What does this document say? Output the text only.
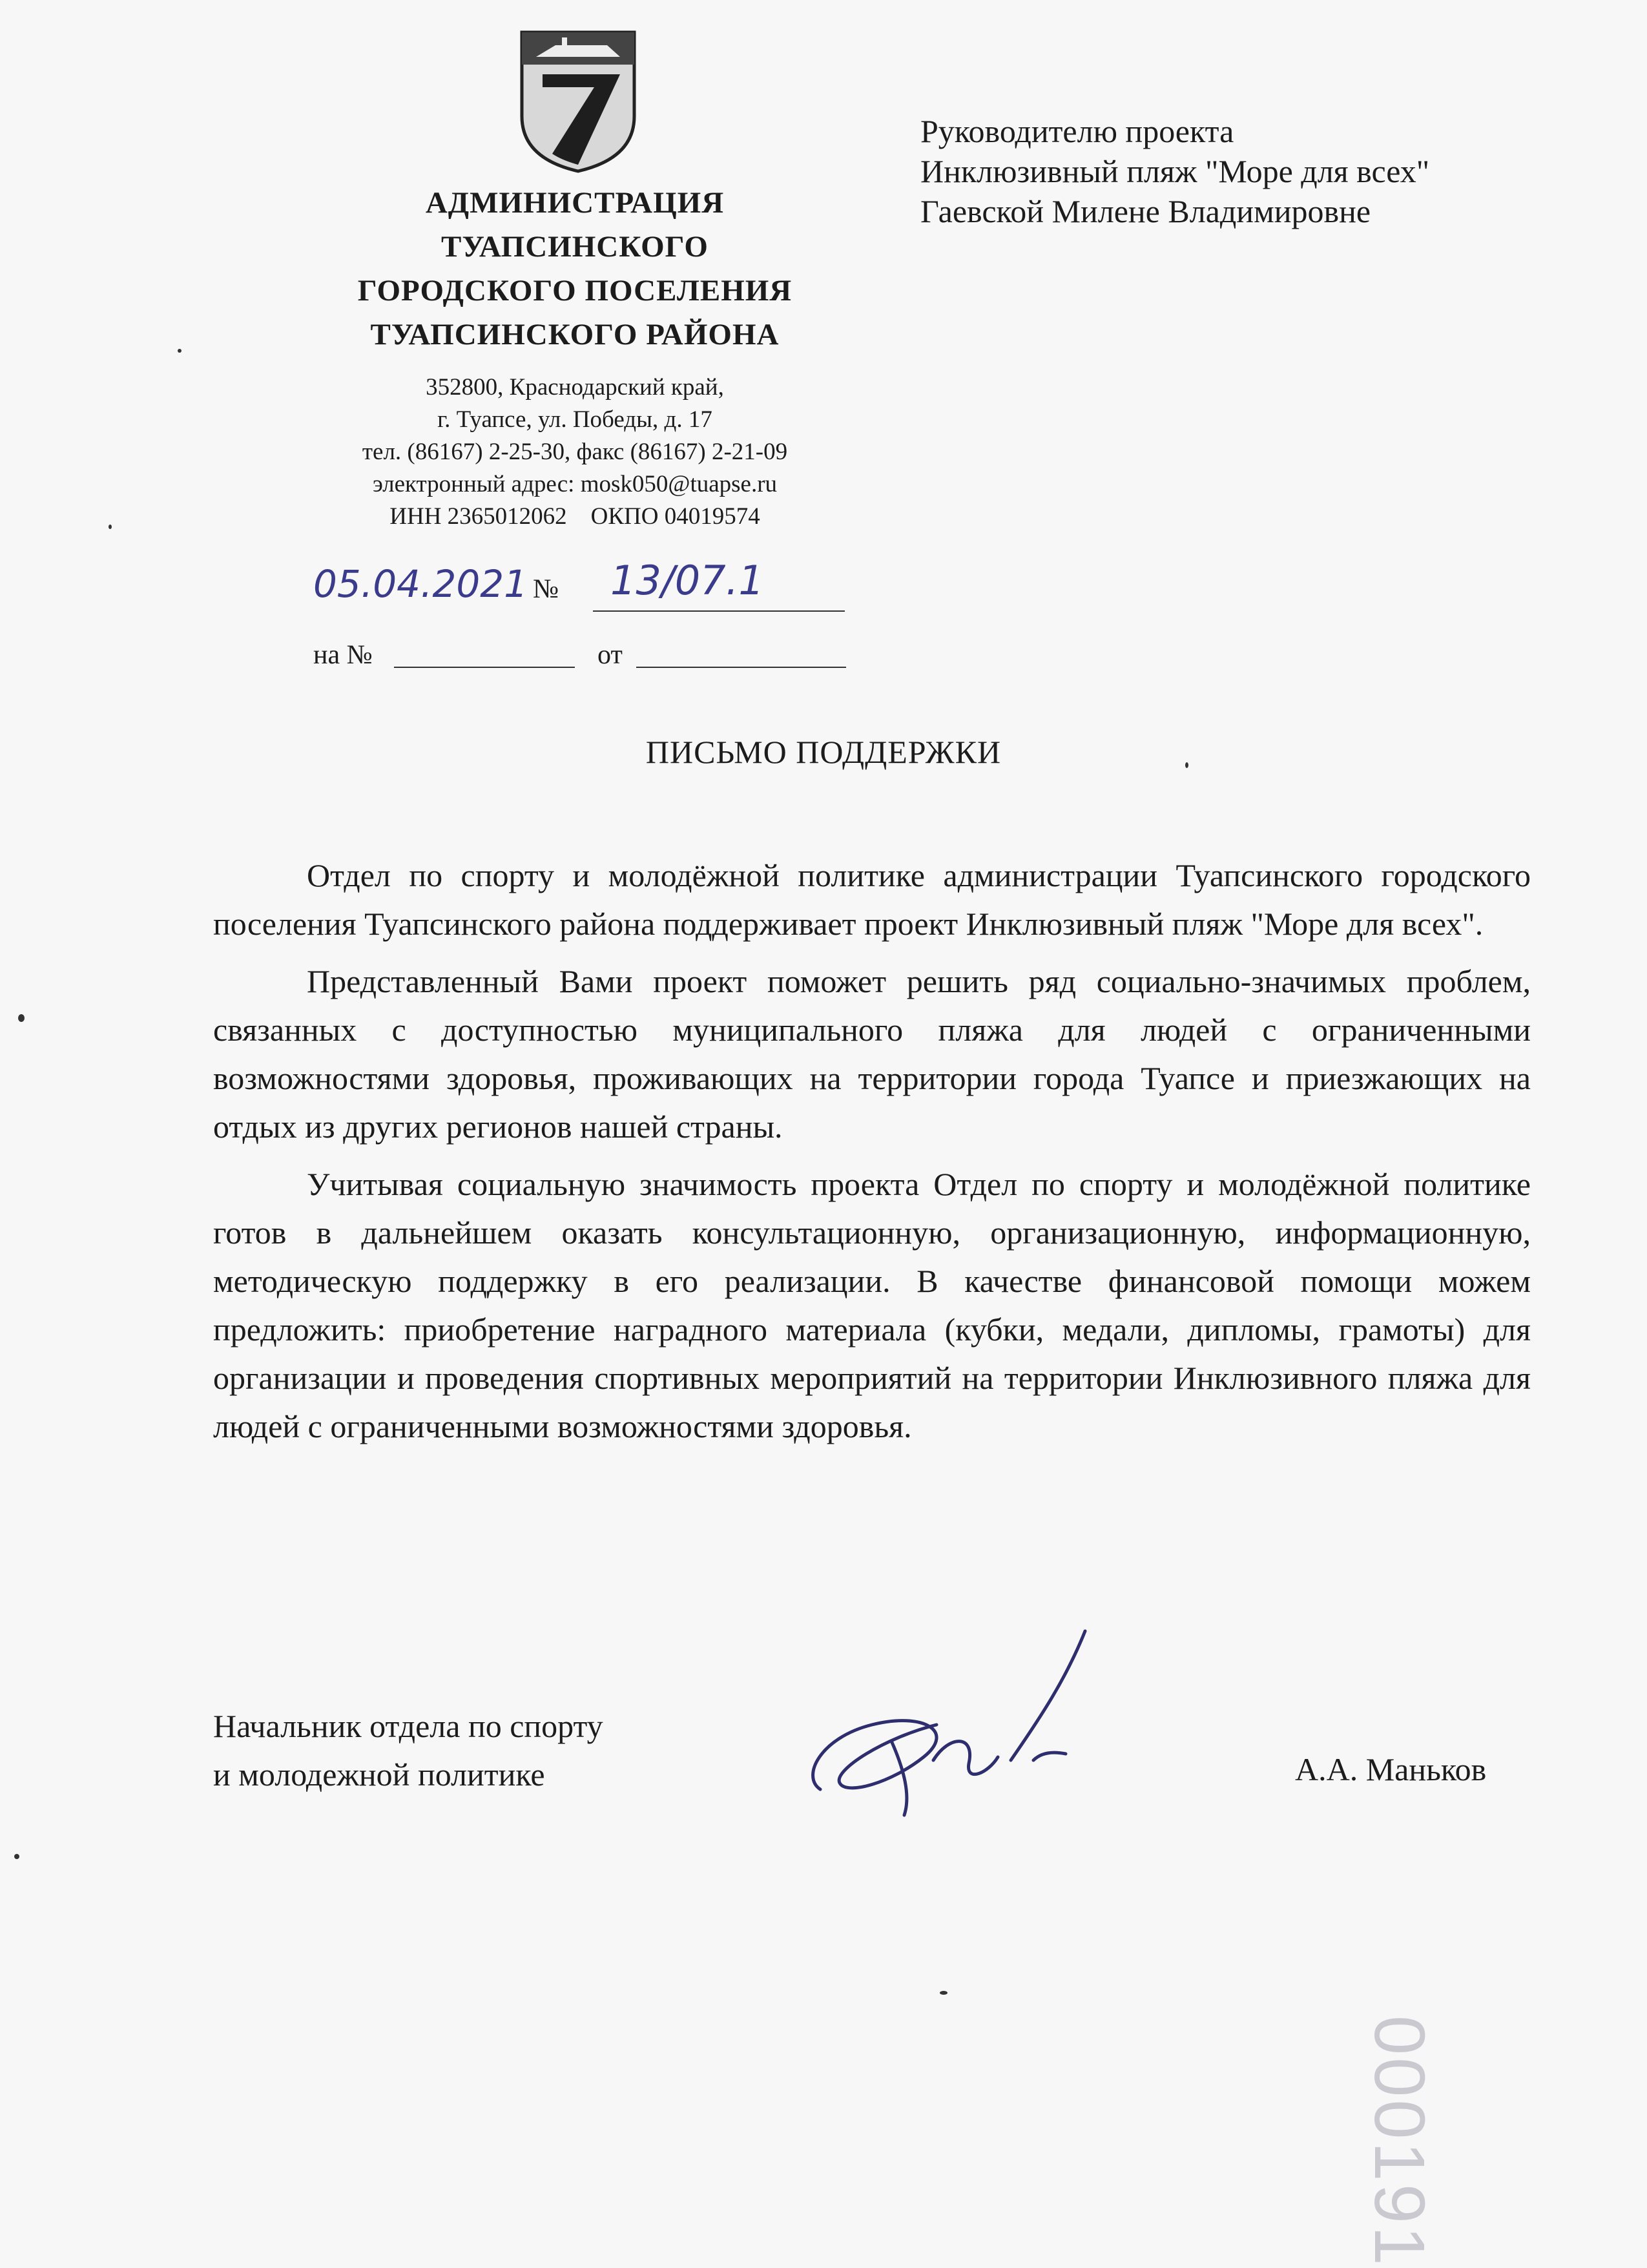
АДМИНИСТРАЦИЯ
ТУАПСИНСКОГО
ГОРОДСКОГО ПОСЕЛЕНИЯ
ТУАПСИНСКОГО РАЙОНА
352800, Краснодарский край,
г. Туапсе, ул. Победы, д. 17
тел. (86167) 2-25-30, факс (86167) 2-21-09
электронный адрес: mosk050@tuapse.ru
ИНН 2365012062    ОКПО 04019574
05.04.2021 № 13/07.1
на №	от
Руководителю проекта
Инклюзивный пляж "Море для всех"
Гаевской Милене Владимировне
ПИСЬМО ПОДДЕРЖКИ

Отдел по спорту и молодёжной политике администрации Туапсинского городского поселения Туапсинского района поддерживает проект Инклюзивный пляж "Море для всех".

Представленный Вами проект поможет решить ряд социально-значимых проблем, связанных с доступностью муниципального пляжа для людей с ограниченными возможностями здоровья, проживающих на территории города Туапсе и приезжающих на отдых из других регионов нашей страны.

Учитывая социальную значимость проекта Отдел по спорту и молодёжной политике готов в дальнейшем оказать консультационную, организационную, информационную, методическую поддержку в его реализации. В качестве финансовой помощи можем предложить: приобретение наградного материала (кубки, медали, дипломы, грамоты) для организации и проведения спортивных мероприятий на территории Инклюзивного пляжа для людей с ограниченными возможностями здоровья.

Начальник отдела по спорту
и молодежной политике	А.А. Маньков
000191
